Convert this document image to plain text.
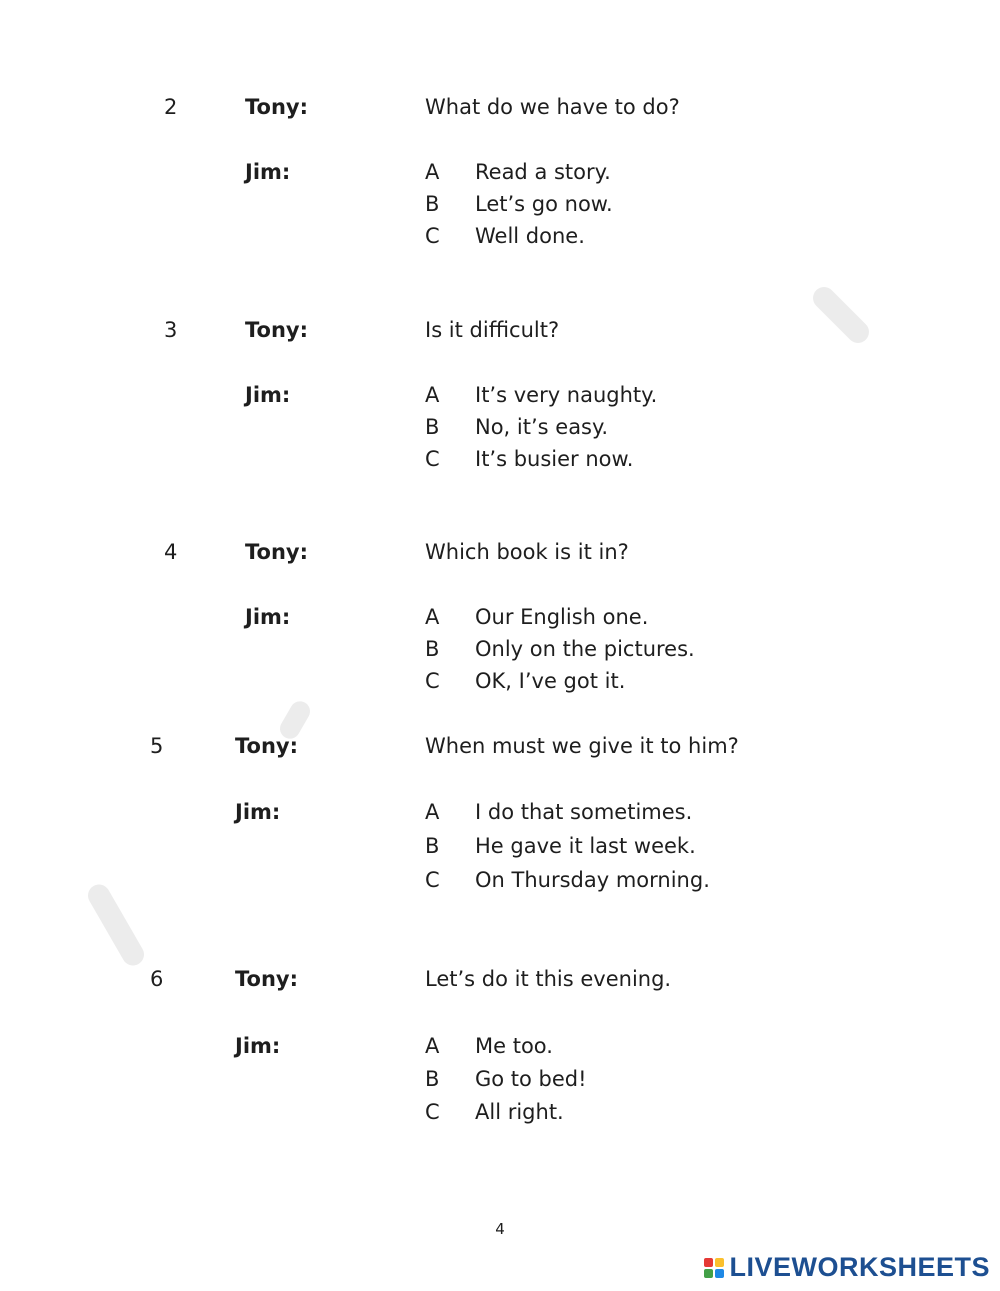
2	Tony:	What do we have to do?
Jim:	A Read a story.
B Let’s go now.
C Well done.
3	Tony:	Is it difficult?
Jim:	A It’s very naughty.
B No, it’s easy.
C It’s busier now.
4	Tony:	Which book is it in?
Jim:	A Our English one.
B Only on the pictures.
C OK, I’ve got it.
5	Tony:	When must we give it to him?
Jim:	A I do that sometimes.
B He gave it last week.
C On Thursday morning.
6	Tony:	Let’s do it this evening.
Jim:	A Me too.
B Go to bed!
C All right.
4
LIVEWORKSHEETS
